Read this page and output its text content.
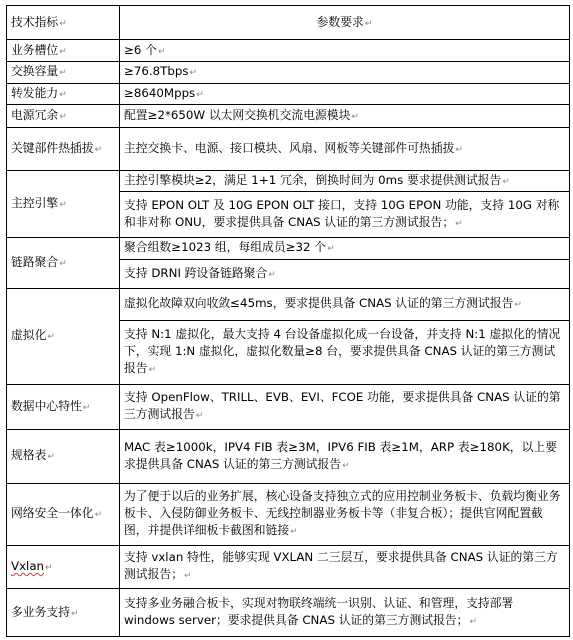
技术指标↵	参数要求↵
业务槽位↵	≥6 个↵
交换容量↵	≥76.8Tbps↵
转发能力↵	≥8640Mpps↵
电源冗余↵	配置≥2*650W 以太网交换机交流电源模块↵
关键部件热插拔↵	主控交换卡、电源、接口模块、风扇、网板等关键部件可热插拔↵
主控引擎↵	主控引擎模块≥2，满足 1+1 冗余，倒换时间为 0ms 要求提供测试报告↵
	支持 EPON OLT 及 10G EPON OLT 接口，支持 10G EPON 功能，支持 10G 对称和非对称 ONU，要求提供具备 CNAS 认证的第三方测试报告；↵
链路聚合↵	聚合组数≥1023 组，每组成员≥32 个↵
	支持 DRNI 跨设备链路聚合↵
虚拟化↵	虚拟化故障双向收敛≤45ms，要求提供具备 CNAS 认证的第三方测试报告↵
	支持 N:1 虚拟化，最大支持 4 台设备虚拟化成一台设备，并支持 N:1 虚拟化的情况下，实现 1:N 虚拟化，虚拟化数量≥8 台，要求提供具备 CNAS 认证的第三方测试报告↵
数据中心特性↵	支持 OpenFlow、TRILL、EVB、EVI、FCOE 功能，要求提供具备 CNAS 认证的第三方测试报告↵
规格表↵	MAC 表≥1000k，IPV4 FIB 表≥3M，IPV6 FIB 表≥1M，ARP 表≥180K，以上要求提供具备 CNAS 认证的第三方测试报告↵
网络安全一体化↵	为了便于以后的业务扩展，核心设备支持独立式的应用控制业务板卡、负载均衡业务板卡、入侵防御业务板卡、无线控制器业务板卡等（非复合板）；提供官网配置截图，并提供详细板卡截图和链接↵
Vxlan↵	支持 vxlan 特性，能够实现 VXLAN 二三层互，要求提供具备 CNAS 认证的第三方测试报告；↵
多业务支持↵	支持多业务融合板卡，实现对物联终端统一识别、认证、和管理，支持部署 windows server；要求提供具备 CNAS 认证的第三方测试报告；↵
